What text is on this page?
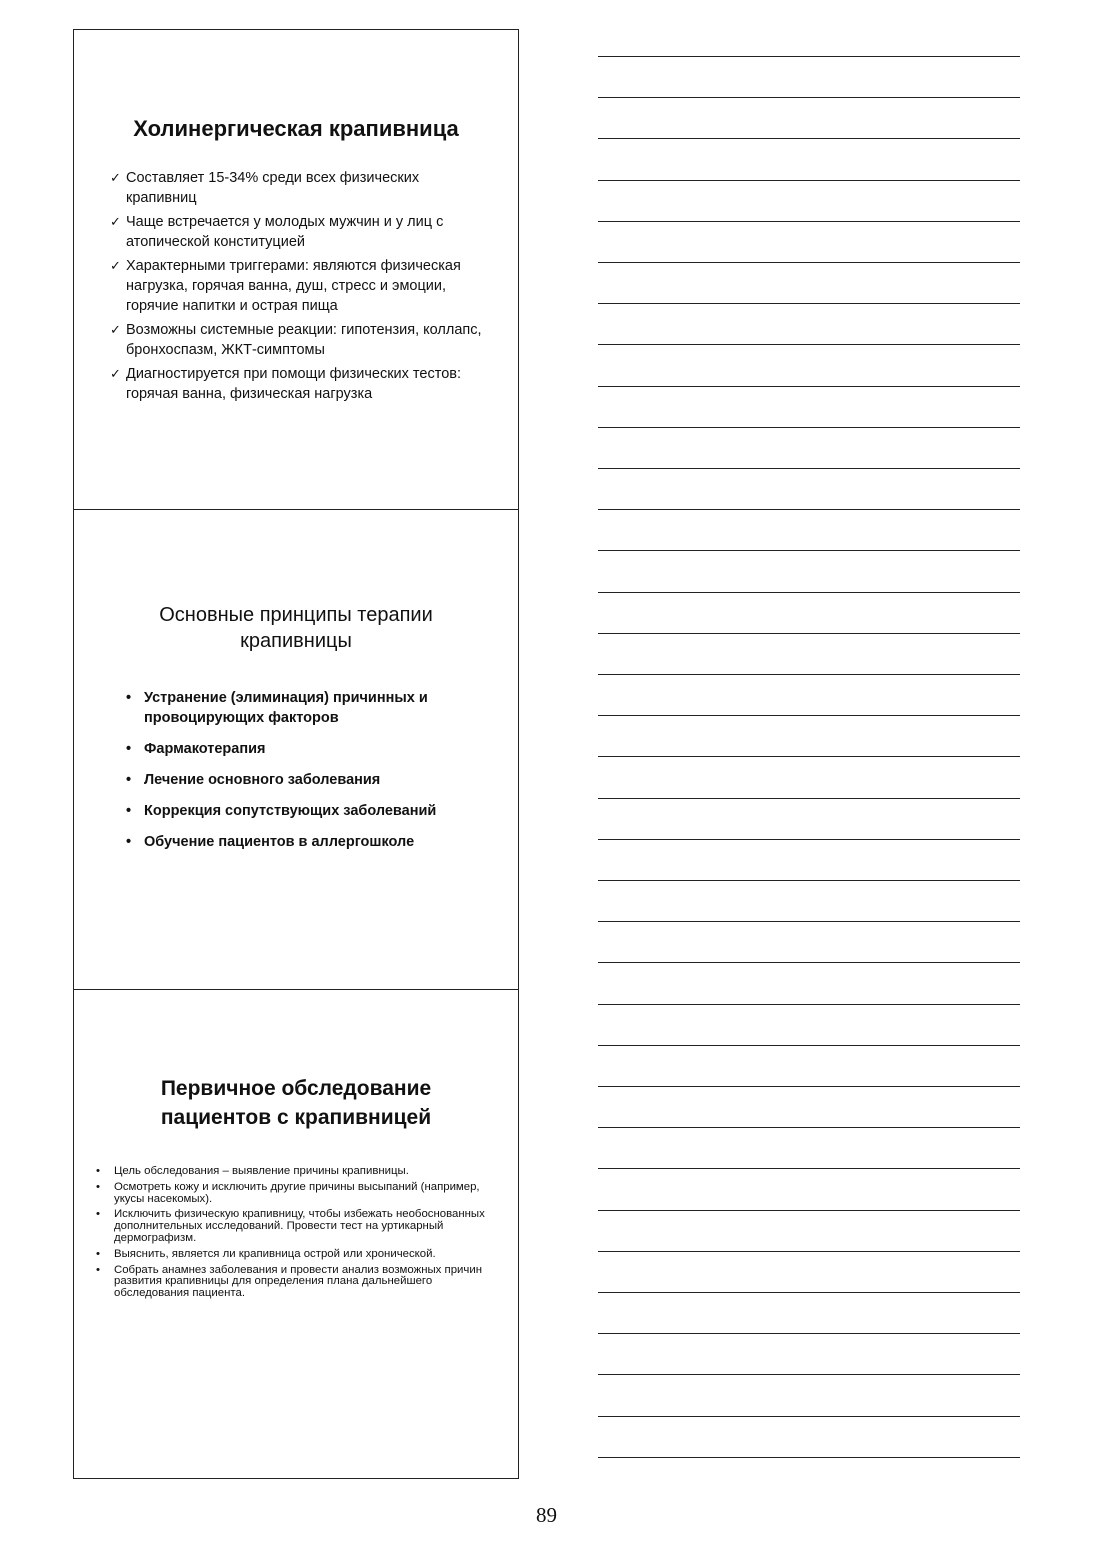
Холинергическая крапивница
✓ Составляет 15-34% среди всех физических крапивниц
✓ Чаще встречается у молодых мужчин и у лиц с атопической конституцией
✓ Характерными триггерами: являются физическая нагрузка, горячая ванна, душ, стресс и эмоции, горячие напитки и острая пища
✓ Возможны системные реакции: гипотензия, коллапс, бронхоспазм, ЖКТ-симптомы
✓ Диагностируется при помощи физических тестов: горячая ванна, физическая нагрузка
Основные принципы терапии
крапивницы
• Устранение (элиминация) причинных и провоцирующих факторов
• Фармакотерапия
• Лечение основного заболевания
• Коррекция сопутствующих заболеваний
• Обучение пациентов в аллергошколе
Первичное обследование
пациентов с крапивницей
• Цель обследования – выявление причины крапивницы.
• Осмотреть кожу и исключить другие причины высыпаний (например, укусы насекомых).
• Исключить физическую крапивницу, чтобы избежать необоснованных дополнительных исследований. Провести тест на уртикарный дермографизм.
• Выяснить, является ли крапивница острой или хронической.
• Собрать анамнез заболевания и провести анализ возможных причин развития крапивницы для определения плана дальнейшего обследования пациента.
89
